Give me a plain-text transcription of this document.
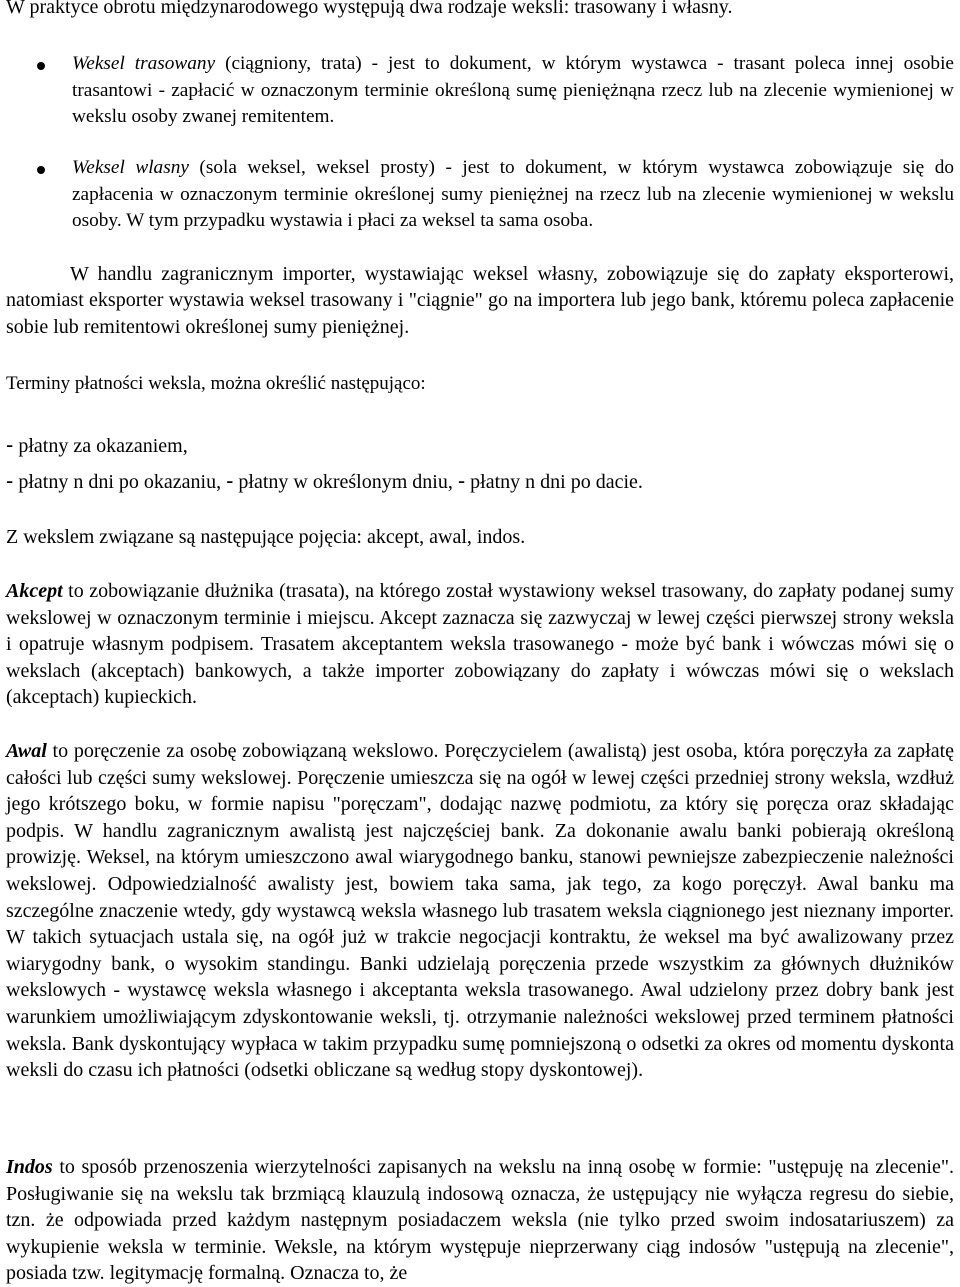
W praktyce obrotu międzynarodowego występują dwa rodzaje weksli: trasowany i własny.

Weksel trasowany (ciągniony, trata) - jest to dokument, w którym wystawca - trasant poleca innej osobie trasantowi - zapłacić w oznaczonym terminie określoną sumę pieniężnąna rzecz lub na zlecenie wymienionej w wekslu osoby zwanej remitentem.

Weksel wlasny (sola weksel, weksel prosty) - jest to dokument, w którym wystawca zobowiązuje się do zapłacenia w oznaczonym terminie określonej sumy pieniężnej na rzecz lub na zlecenie wymienionej w wekslu osoby. W tym przypadku wystawia i płaci za weksel ta sama osoba.

W handlu zagranicznym importer, wystawiając weksel własny, zobowiązuje się do zapłaty eksporterowi, natomiast eksporter wystawia weksel trasowany i "ciągnie" go na importera lub jego bank, któremu poleca zapłacenie sobie lub remitentowi określonej sumy pieniężnej.

Terminy płatności weksla, można określić następująco:

- płatny za okazaniem,

- płatny n dni po okazaniu, - płatny w określonym dniu, - płatny n dni po dacie.

Z wekslem związane są następujące pojęcia: akcept, awal, indos.

Akcept to zobowiązanie dłużnika (trasata), na którego został wystawiony weksel trasowany, do zapłaty podanej sumy wekslowej w oznaczonym terminie i miejscu. Akcept zaznacza się zazwyczaj w lewej części pierwszej strony weksla i opatruje własnym podpisem. Trasatem akceptantem weksla trasowanego - może być bank i wówczas mówi się o wekslach (akceptach) bankowych, a także importer zobowiązany do zapłaty i wówczas mówi się o wekslach (akceptach) kupieckich.

Awal to poręczenie za osobę zobowiązaną wekslowo. Poręczycielem (awalistą) jest osoba, która poręczyła za zapłatę całości lub części sumy wekslowej. Poręczenie umieszcza się na ogół w lewej części przedniej strony weksla, wzdłuż jego krótszego boku, w formie napisu "poręczam", dodając nazwę podmiotu, za który się poręcza oraz składając podpis. W handlu zagranicznym awalistą jest najczęściej bank. Za dokonanie awalu banki pobierają określoną prowizję. Weksel, na którym umieszczono awal wiarygodnego banku, stanowi pewniejsze zabezpieczenie należności wekslowej. Odpowiedzialność awalisty jest, bowiem taka sama, jak tego, za kogo poręczył. Awal banku ma szczególne znaczenie wtedy, gdy wystawcą weksla własnego lub trasatem weksla ciągnionego jest nieznany importer. W takich sytuacjach ustala się, na ogół już w trakcie negocjacji kontraktu, że weksel ma być awalizowany przez wiarygodny bank, o wysokim standingu. Banki udzielają poręczenia przede wszystkim za głównych dłużników wekslowych - wystawcę weksla własnego i akceptanta weksla trasowanego. Awal udzielony przez dobry bank jest warunkiem umożliwiającym zdyskontowanie weksli, tj. otrzymanie należności wekslowej przed terminem płatności weksla. Bank dyskontujący wypłaca w takim przypadku sumę pomniejszoną o odsetki za okres od momentu dyskonta weksli do czasu ich płatności (odsetki obliczane są według stopy dyskontowej).

Indos to sposób przenoszenia wierzytelności zapisanych na wekslu na inną osobę w formie: "ustępuję na zlecenie". Posługiwanie się na wekslu tak brzmiącą klauzulą indosową oznacza, że ustępujący nie wyłącza regresu do siebie, tzn. że odpowiada przed każdym następnym posiadaczem weksla (nie tylko przed swoim indosatariuszem) za wykupienie weksla w terminie. Weksle, na którym występuje nieprzerwany ciąg indosów "ustępują na zlecenie", posiada tzw. legitymację formalną. Oznacza to, że
